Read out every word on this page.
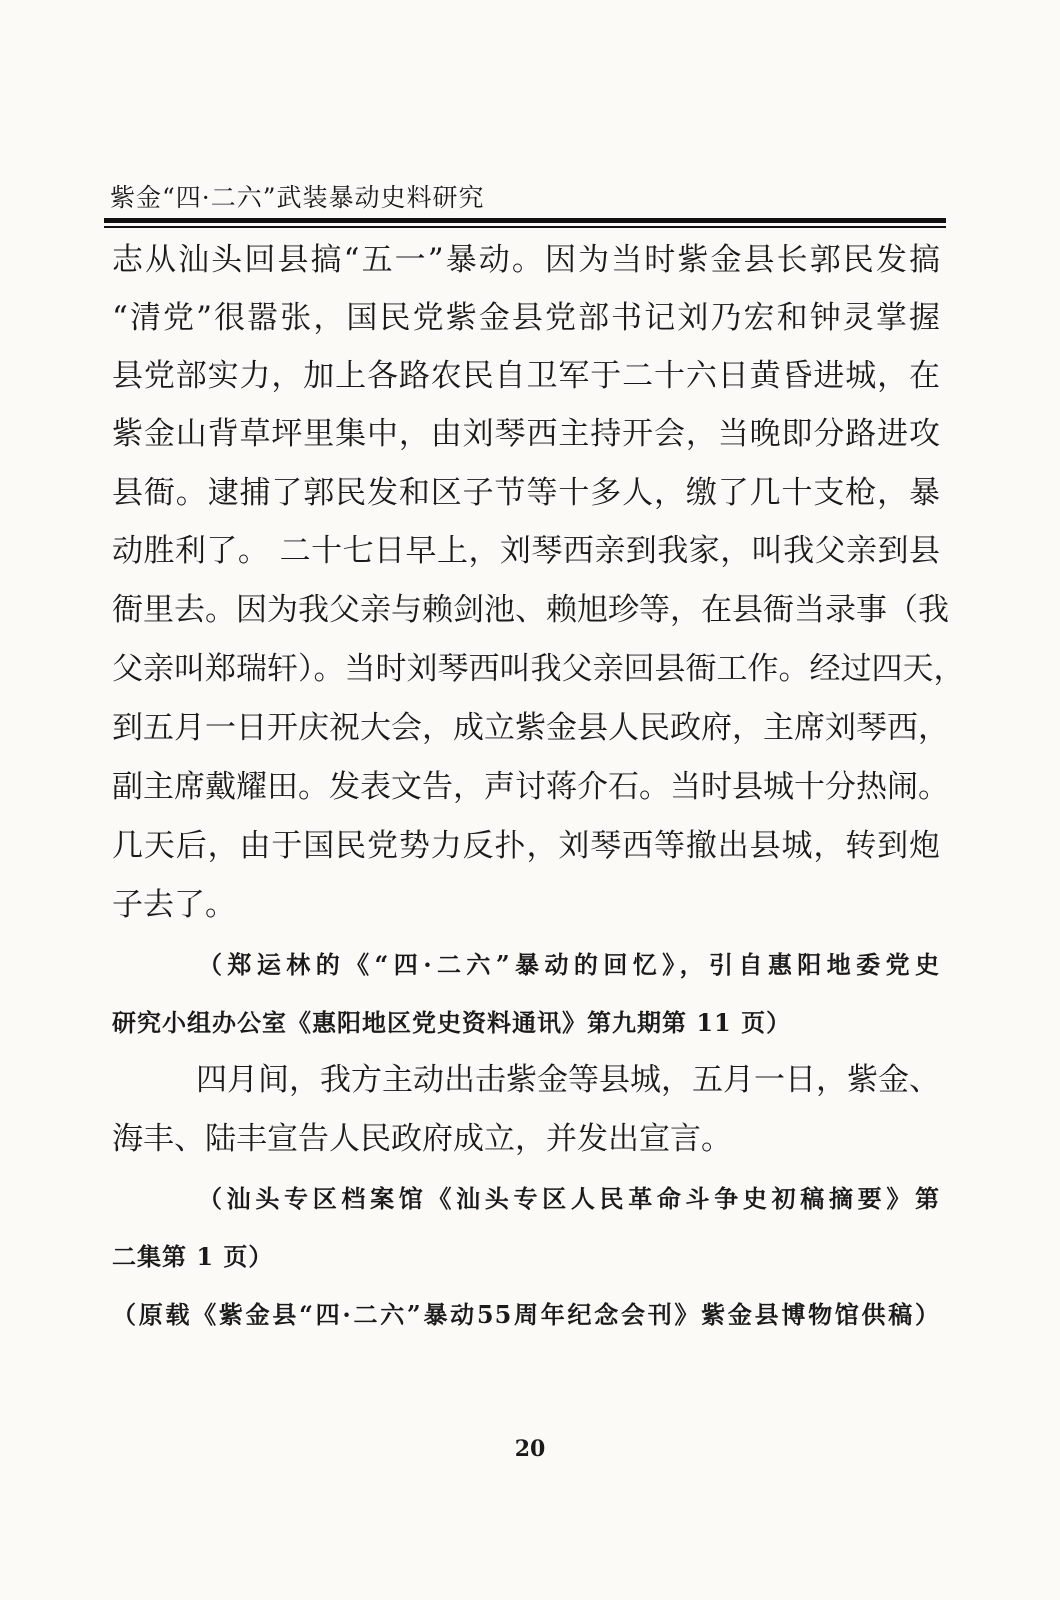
紫金“四·二六”武装暴动史料研究
志从汕头回县搞“五一”暴动。因为当时紫金县长郭民发搞
“清党”很嚣张，国民党紫金县党部书记刘乃宏和钟灵掌握
县党部实力，加上各路农民自卫军于二十六日黄昏进城，在
紫金山背草坪里集中，由刘琴西主持开会，当晚即分路进攻
县衙。逮捕了郭民发和区子节等十多人，缴了几十支枪，暴
动胜利了。 二十七日早上，刘琴西亲到我家，叫我父亲到县
衙里去。因为我父亲与赖剑池、赖旭珍等，在县衙当录事（我
父亲叫郑瑞轩）。当时刘琴西叫我父亲回县衙工作。经过四天，
到五月一日开庆祝大会，成立紫金县人民政府，主席刘琴西，
副主席戴耀田。发表文告，声讨蒋介石。当时县城十分热闹。
几天后，由于国民党势力反扑，刘琴西等撤出县城，转到炮
子去了。
（郑运林的《“四·二六”暴动的回忆》，引自惠阳地委党史
研究小组办公室《惠阳地区党史资料通讯》第九期第 11 页）
四月间，我方主动出击紫金等县城，五月一日，紫金、
海丰、陆丰宣告人民政府成立，并发出宣言。
（汕头专区档案馆《汕头专区人民革命斗争史初稿摘要》第
二集第 1 页）
（原载《紫金县“四·二六”暴动55周年纪念会刊》紫金县博物馆供稿）
20
